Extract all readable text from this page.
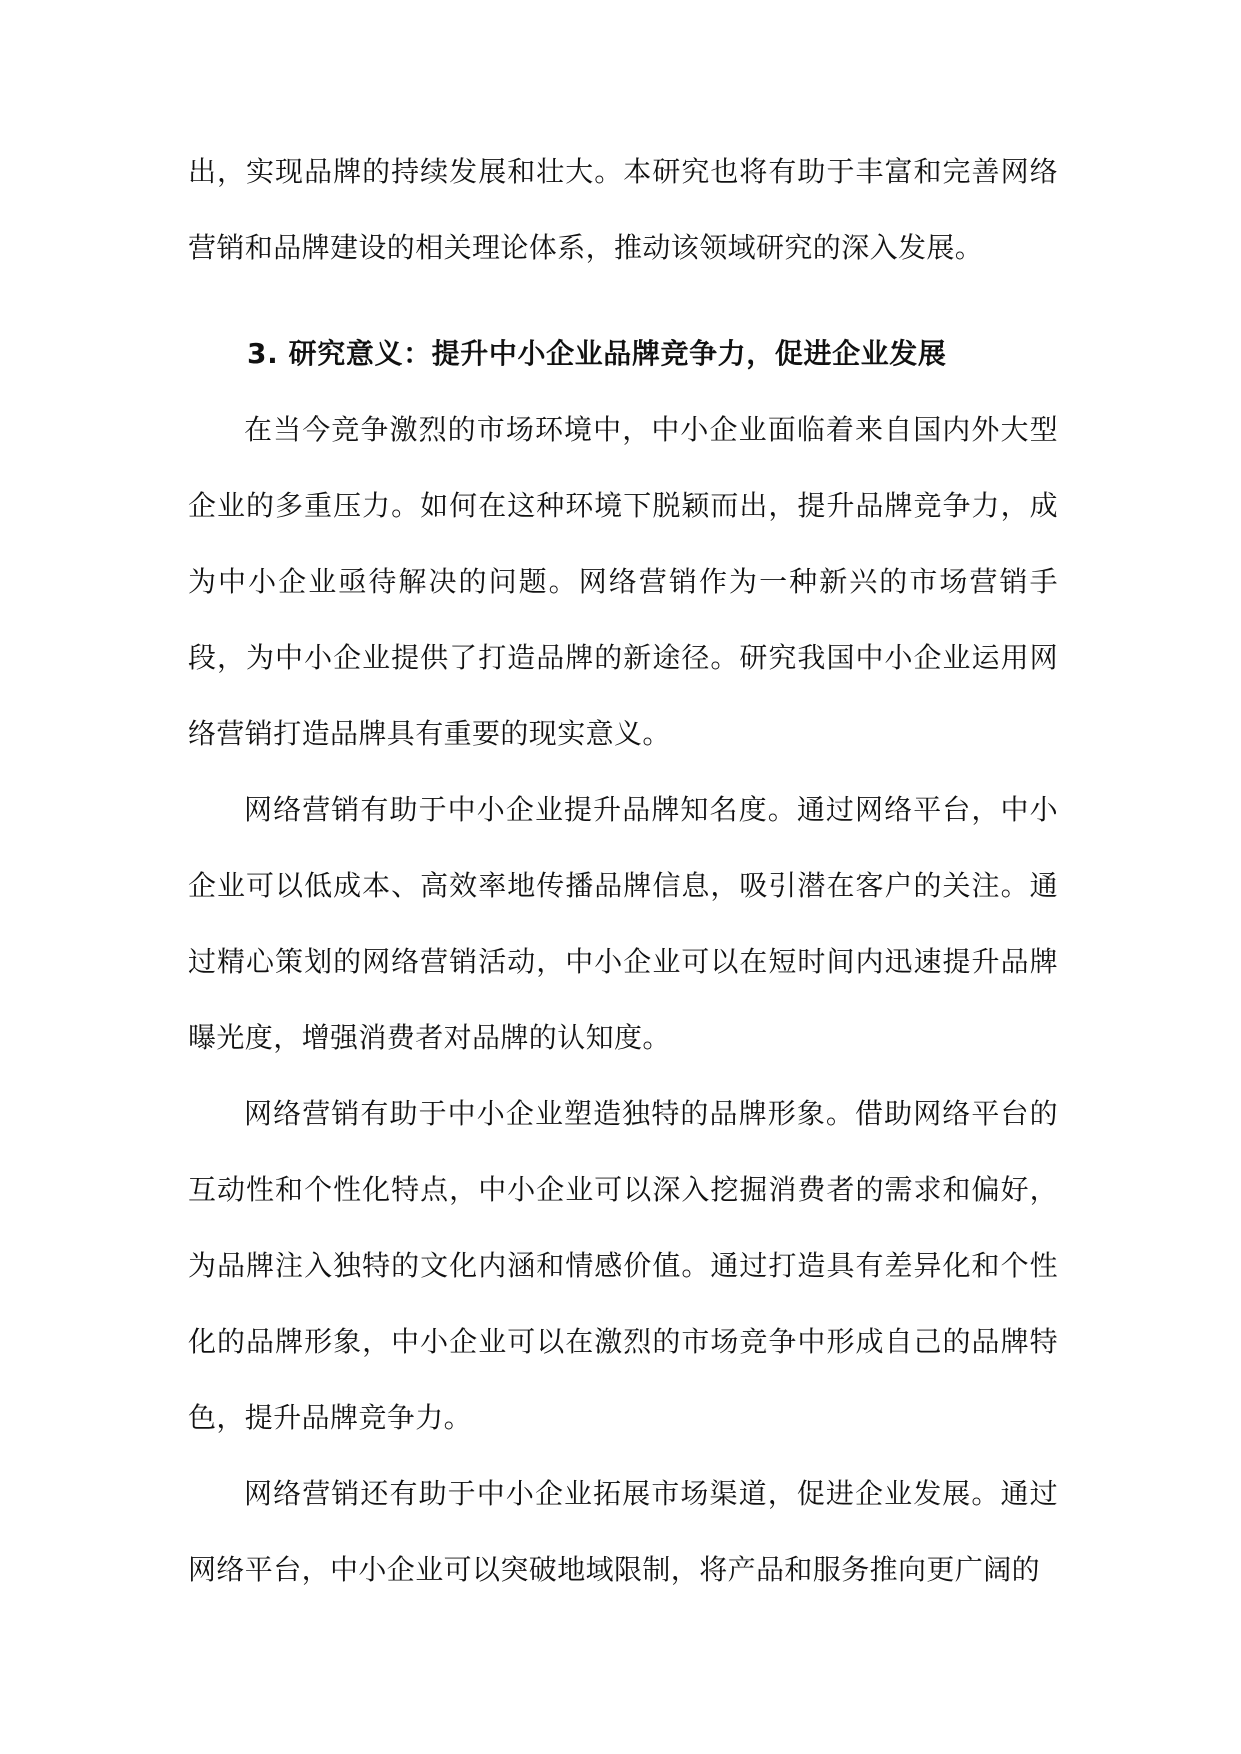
出，实现品牌的持续发展和壮大。本研究也将有助于丰富和完善网络营销和品牌建设的相关理论体系，推动该领域研究的深入发展。
3. 研究意义：提升中小企业品牌竞争力，促进企业发展
在当今竞争激烈的市场环境中，中小企业面临着来自国内外大型企业的多重压力。如何在这种环境下脱颖而出，提升品牌竞争力，成为中小企业亟待解决的问题。网络营销作为一种新兴的市场营销手段，为中小企业提供了打造品牌的新途径。研究我国中小企业运用网络营销打造品牌具有重要的现实意义。
网络营销有助于中小企业提升品牌知名度。通过网络平台，中小企业可以低成本、高效率地传播品牌信息，吸引潜在客户的关注。通过精心策划的网络营销活动，中小企业可以在短时间内迅速提升品牌曝光度，增强消费者对品牌的认知度。
网络营销有助于中小企业塑造独特的品牌形象。借助网络平台的互动性和个性化特点，中小企业可以深入挖掘消费者的需求和偏好，为品牌注入独特的文化内涵和情感价值。通过打造具有差异化和个性化的品牌形象，中小企业可以在激烈的市场竞争中形成自己的品牌特色，提升品牌竞争力。
网络营销还有助于中小企业拓展市场渠道，促进企业发展。通过网络平台，中小企业可以突破地域限制，将产品和服务推向更广阔的
